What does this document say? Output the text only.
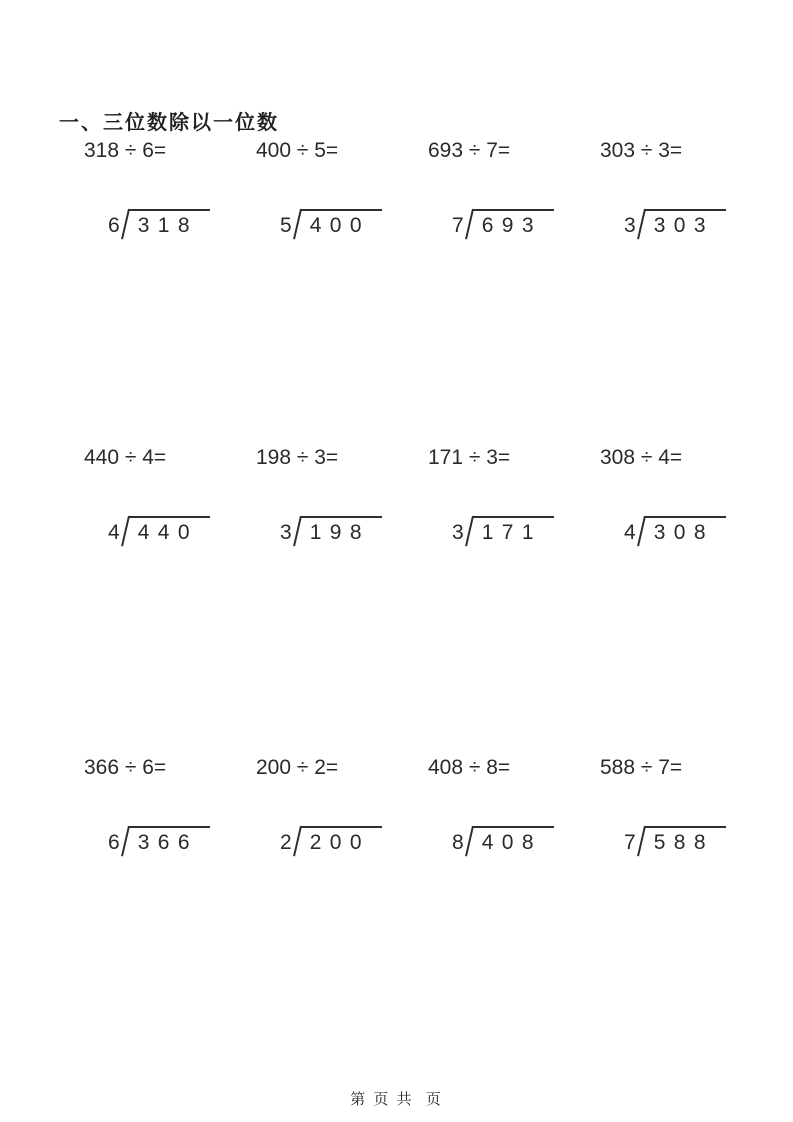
一、三位数除以一位数
318 ÷ 6=
6 318
400 ÷ 5=
5 400
693 ÷ 7=
7 693
303 ÷ 3=
3 303
440 ÷ 4=
4 440
198 ÷ 3=
3 198
171 ÷ 3=
3 171
308 ÷ 4=
4 308
366 ÷ 6=
6 366
200 ÷ 2=
2 200
408 ÷ 8=
8 408
588 ÷ 7=
7 588
第 页 共  页
